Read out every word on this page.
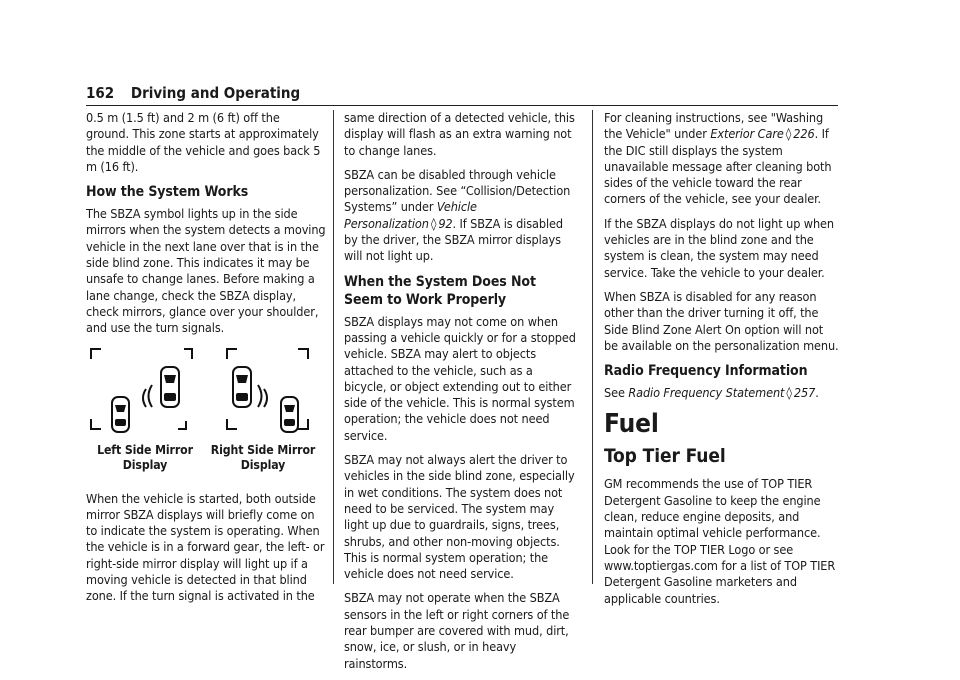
162 Driving and Operating

0.5 m (1.5 ft) and 2 m (6 ft) off the ground. This zone starts at approximately the middle of the vehicle and goes back 5 m (16 ft).

How the System Works

The SBZA symbol lights up in the side mirrors when the system detects a moving vehicle in the next lane over that is in the side blind zone. This indicates it may be unsafe to change lanes. Before making a lane change, check the SBZA display, check mirrors, glance over your shoulder, and use the turn signals.

Left Side Mirror Display
Right Side Mirror Display

When the vehicle is started, both outside mirror SBZA displays will briefly come on to indicate the system is operating. When the vehicle is in a forward gear, the left- or right-side mirror display will light up if a moving vehicle is detected in that blind zone. If the turn signal is activated in the

same direction of a detected vehicle, this display will flash as an extra warning not to change lanes.

SBZA can be disabled through vehicle personalization. See “Collision/Detection Systems” under Vehicle Personalization ◊ 92. If SBZA is disabled by the driver, the SBZA mirror displays will not light up.

When the System Does Not Seem to Work Properly

SBZA displays may not come on when passing a vehicle quickly or for a stopped vehicle. SBZA may alert to objects attached to the vehicle, such as a bicycle, or object extending out to either side of the vehicle. This is normal system operation; the vehicle does not need service.

SBZA may not always alert the driver to vehicles in the side blind zone, especially in wet conditions. The system does not need to be serviced. The system may light up due to guardrails, signs, trees, shrubs, and other non-moving objects. This is normal system operation; the vehicle does not need service.

SBZA may not operate when the SBZA sensors in the left or right corners of the rear bumper are covered with mud, dirt, snow, ice, or slush, or in heavy rainstorms.

For cleaning instructions, see "Washing the Vehicle" under Exterior Care ◊ 226. If the DIC still displays the system unavailable message after cleaning both sides of the vehicle toward the rear corners of the vehicle, see your dealer.

If the SBZA displays do not light up when vehicles are in the blind zone and the system is clean, the system may need service. Take the vehicle to your dealer.

When SBZA is disabled for any reason other than the driver turning it off, the Side Blind Zone Alert On option will not be available on the personalization menu.

Radio Frequency Information

See Radio Frequency Statement ◊ 257.

Fuel
Top Tier Fuel

GM recommends the use of TOP TIER Detergent Gasoline to keep the engine clean, reduce engine deposits, and maintain optimal vehicle performance. Look for the TOP TIER Logo or see www.toptiergas.com for a list of TOP TIER Detergent Gasoline marketers and applicable countries.
